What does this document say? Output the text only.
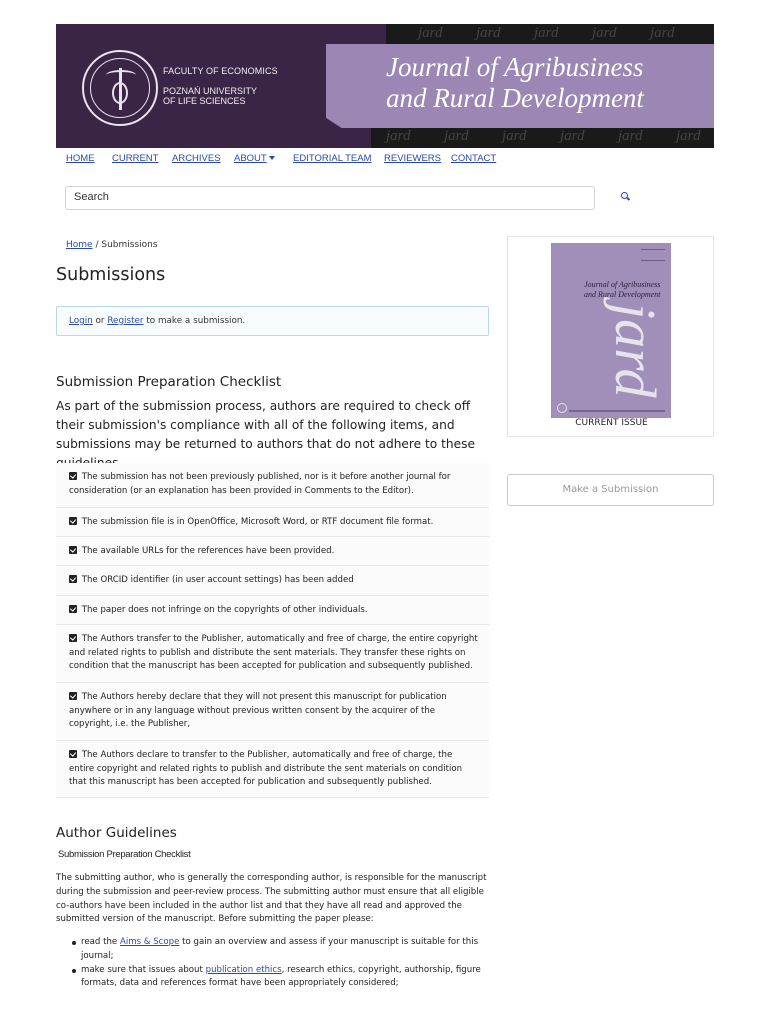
jard jard jard jard jard
jard jard jard jard jard jard
FACULTY OF ECONOMICS
POZNAŃ UNIVERSITY
OF LIFE SCIENCES
Journal of Agribusiness
and Rural Development
HOME CURRENT ARCHIVES ABOUT	EDITORIAL TEAM REVIEWERS CONTACT
Search
Home / Submissions
Submissions
Login or Register to make a submission.
Submission Preparation Checklist
As part of the submission process, authors are required to check off their submission's compliance with all of the following items, and submissions may be returned to authors that do not adhere to these
The submission has not been previously published, nor is it before another journal for consideration (or an explanation has been provided in Comments to the Editor).
The submission file is in OpenOffice, Microsoft Word, or RTF document file format.
The available URLs for the references have been provided.
The ORCID identifier (in user account settings) has been added
The paper does not infringe on the copyrights of other individuals.
The Authors transfer to the Publisher, automatically and free of charge, the entire copyright and related rights to publish and distribute the sent materials. They transfer these rights on condition that the manuscript has been accepted for publication and subsequently published.
The Authors hereby declare that they will not present this manuscript for publication anywhere or in any language without previous written consent by the acquirer of the copyright, i.e. the Publisher,
The Authors declare to transfer to the Publisher, automatically and free of charge, the entire copyright and related rights to publish and distribute the sent materials on condition that this manuscript has been accepted for publication and subsequently published.
Author Guidelines
Submission Preparation Checklist
The submitting author, who is generally the corresponding author, is responsible for the manuscript during the submission and peer-review process. The submitting author must ensure that all eligible co-authors have been included in the author list and that they have all read and approved the submitted version of the manuscript. Before submitting the paper please:
read the Aims & Scope to gain an overview and assess if your manuscript is suitable for this journal;
make sure that issues about publication ethics, research ethics, copyright, authorship, figure formats, data and references format have been appropriately considered;
Journal of Agribusiness
and Rural Development
jard
CURRENT ISSUE
Make a Submission
